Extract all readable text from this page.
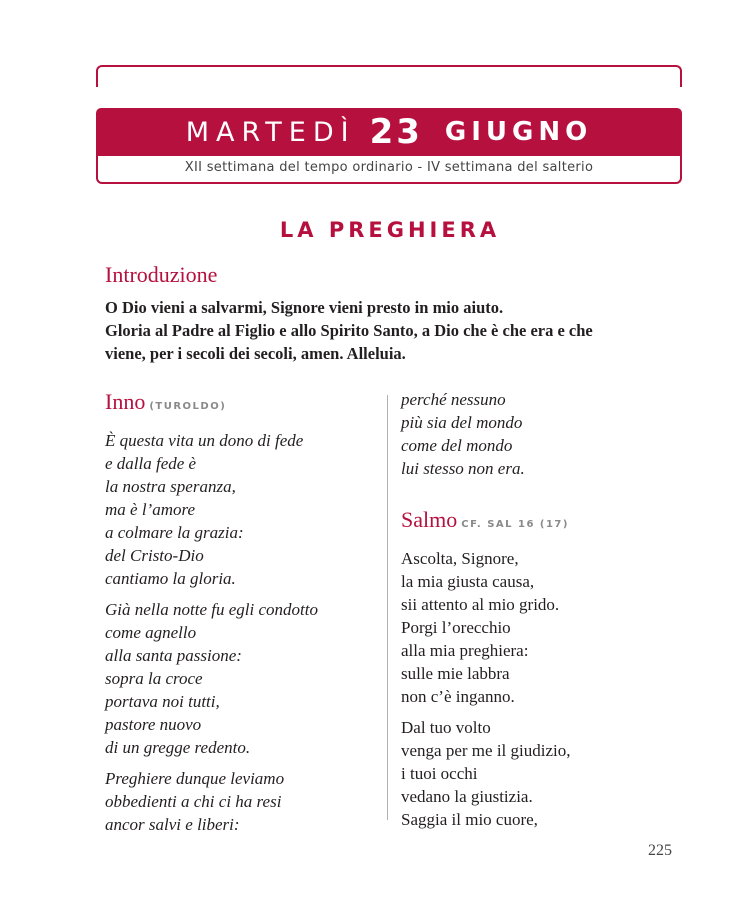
MARTEDÌ 23 GIUGNO
XII settimana del tempo ordinario - IV settimana del salterio
LA PREGHIERA
Introduzione
O Dio vieni a salvarmi, Signore vieni presto in mio aiuto.
Gloria al Padre al Figlio e allo Spirito Santo, a Dio che è che era e che
viene, per i secoli dei secoli, amen. Alleluia.
Inno (TUROLDO)
È questa vita un dono di fede
e dalla fede è
la nostra speranza,
ma è l’amore
a colmare la grazia:
del Cristo-Dio
cantiamo la gloria.
Già nella notte fu egli condotto
come agnello
alla santa passione:
sopra la croce
portava noi tutti,
pastore nuovo
di un gregge redento.
Preghiere dunque leviamo
obbedienti a chi ci ha resi
ancor salvi e liberi:
perché nessuno
più sia del mondo
come del mondo
lui stesso non era.
Salmo CF. SAL 16 (17)
Ascolta, Signore,
la mia giusta causa,
sii attento al mio grido.
Porgi l’orecchio
alla mia preghiera:
sulle mie labbra
non c’è inganno.
Dal tuo volto
venga per me il giudizio,
i tuoi occhi
vedano la giustizia.
Saggia il mio cuore,
225
